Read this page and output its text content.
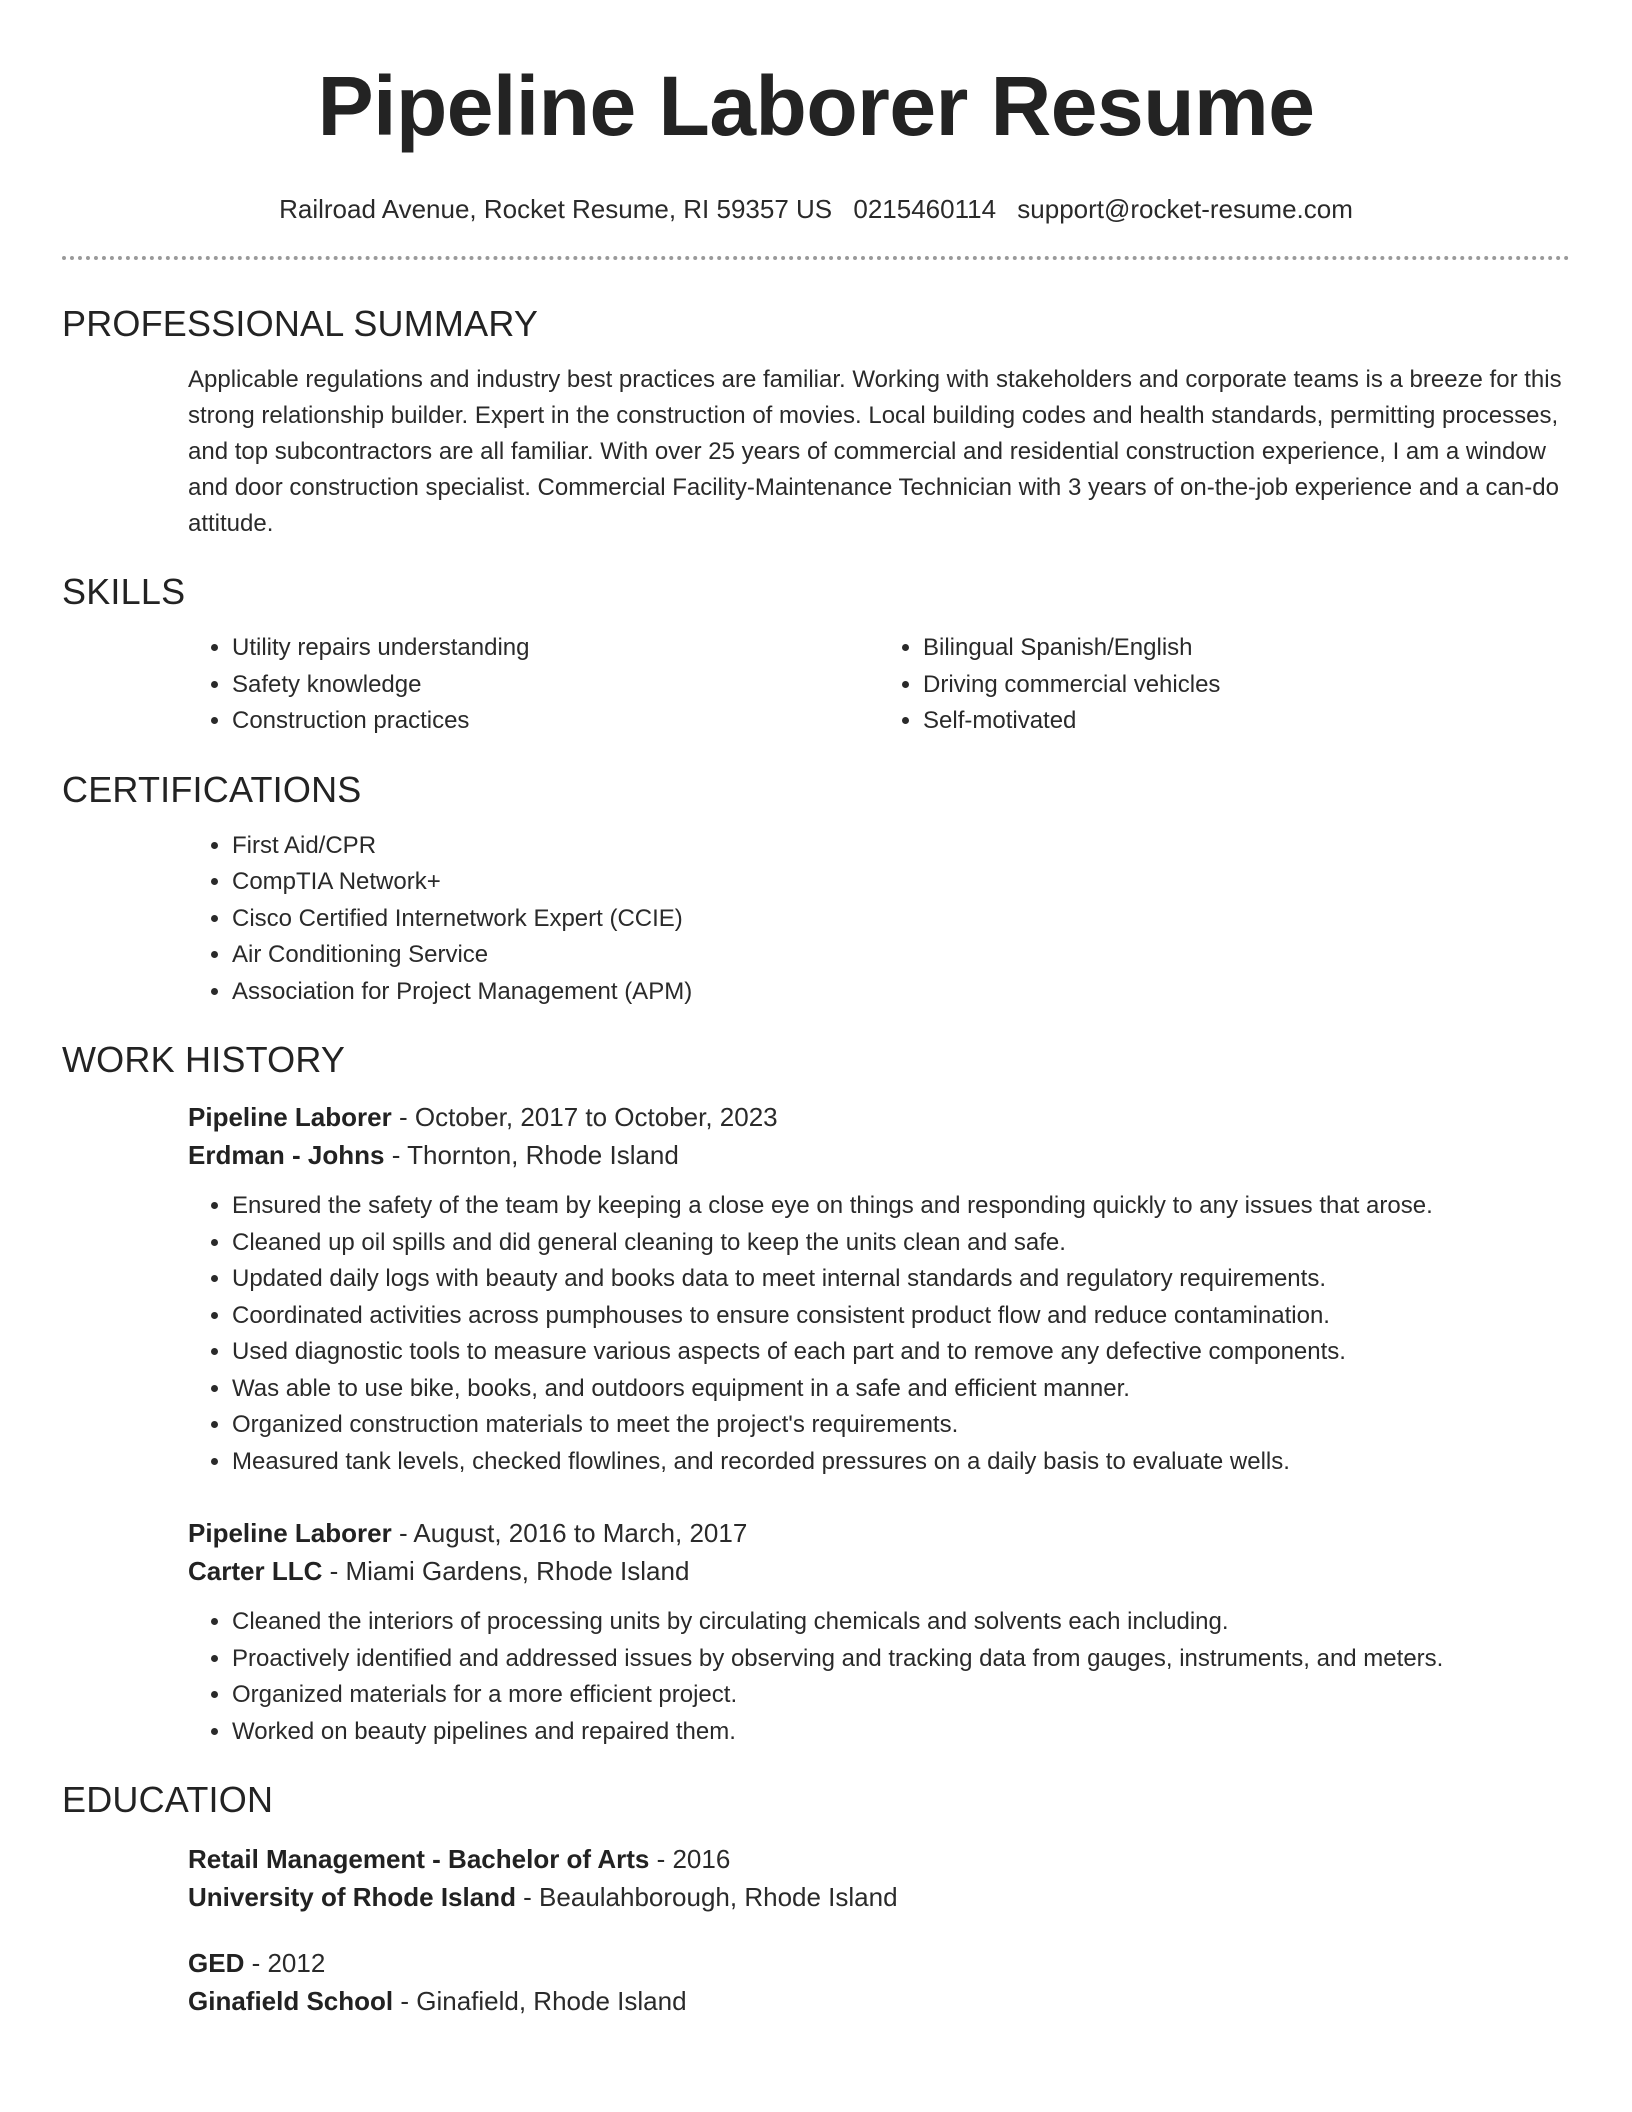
Pipeline Laborer Resume
Railroad Avenue, Rocket Resume, RI 59357 US 0215460114 support@rocket-resume.com
PROFESSIONAL SUMMARY

Applicable regulations and industry best practices are familiar. Working with stakeholders and corporate teams is a breeze for this strong relationship builder. Expert in the construction of movies. Local building codes and health standards, permitting processes, and top subcontractors are all familiar. With over 25 years of commercial and residential construction experience, I am a window and door construction specialist. Commercial Facility-Maintenance Technician with 3 years of on-the-job experience and a can-do attitude.

SKILLS
• Utility repairs understanding
• Safety knowledge
• Construction practices
• Bilingual Spanish/English
• Driving commercial vehicles
• Self-motivated
CERTIFICATIONS
• First Aid/CPR
• CompTIA Network+
• Cisco Certified Internetwork Expert (CCIE)
• Air Conditioning Service
• Association for Project Management (APM)
WORK HISTORY
Pipeline Laborer - October, 2017 to October, 2023
Erdman - Johns - Thornton, Rhode Island
• Ensured the safety of the team by keeping a close eye on things and responding quickly to any issues that arose.
• Cleaned up oil spills and did general cleaning to keep the units clean and safe.
• Updated daily logs with beauty and books data to meet internal standards and regulatory requirements.
• Coordinated activities across pumphouses to ensure consistent product flow and reduce contamination.
• Used diagnostic tools to measure various aspects of each part and to remove any defective components.
• Was able to use bike, books, and outdoors equipment in a safe and efficient manner.
• Organized construction materials to meet the project's requirements.
• Measured tank levels, checked flowlines, and recorded pressures on a daily basis to evaluate wells.
Pipeline Laborer - August, 2016 to March, 2017
Carter LLC - Miami Gardens, Rhode Island
• Cleaned the interiors of processing units by circulating chemicals and solvents each including.
• Proactively identified and addressed issues by observing and tracking data from gauges, instruments, and meters.
• Organized materials for a more efficient project.
• Worked on beauty pipelines and repaired them.
EDUCATION
Retail Management - Bachelor of Arts - 2016
University of Rhode Island - Beaulahborough, Rhode Island
GED - 2012
Ginafield School - Ginafield, Rhode Island
